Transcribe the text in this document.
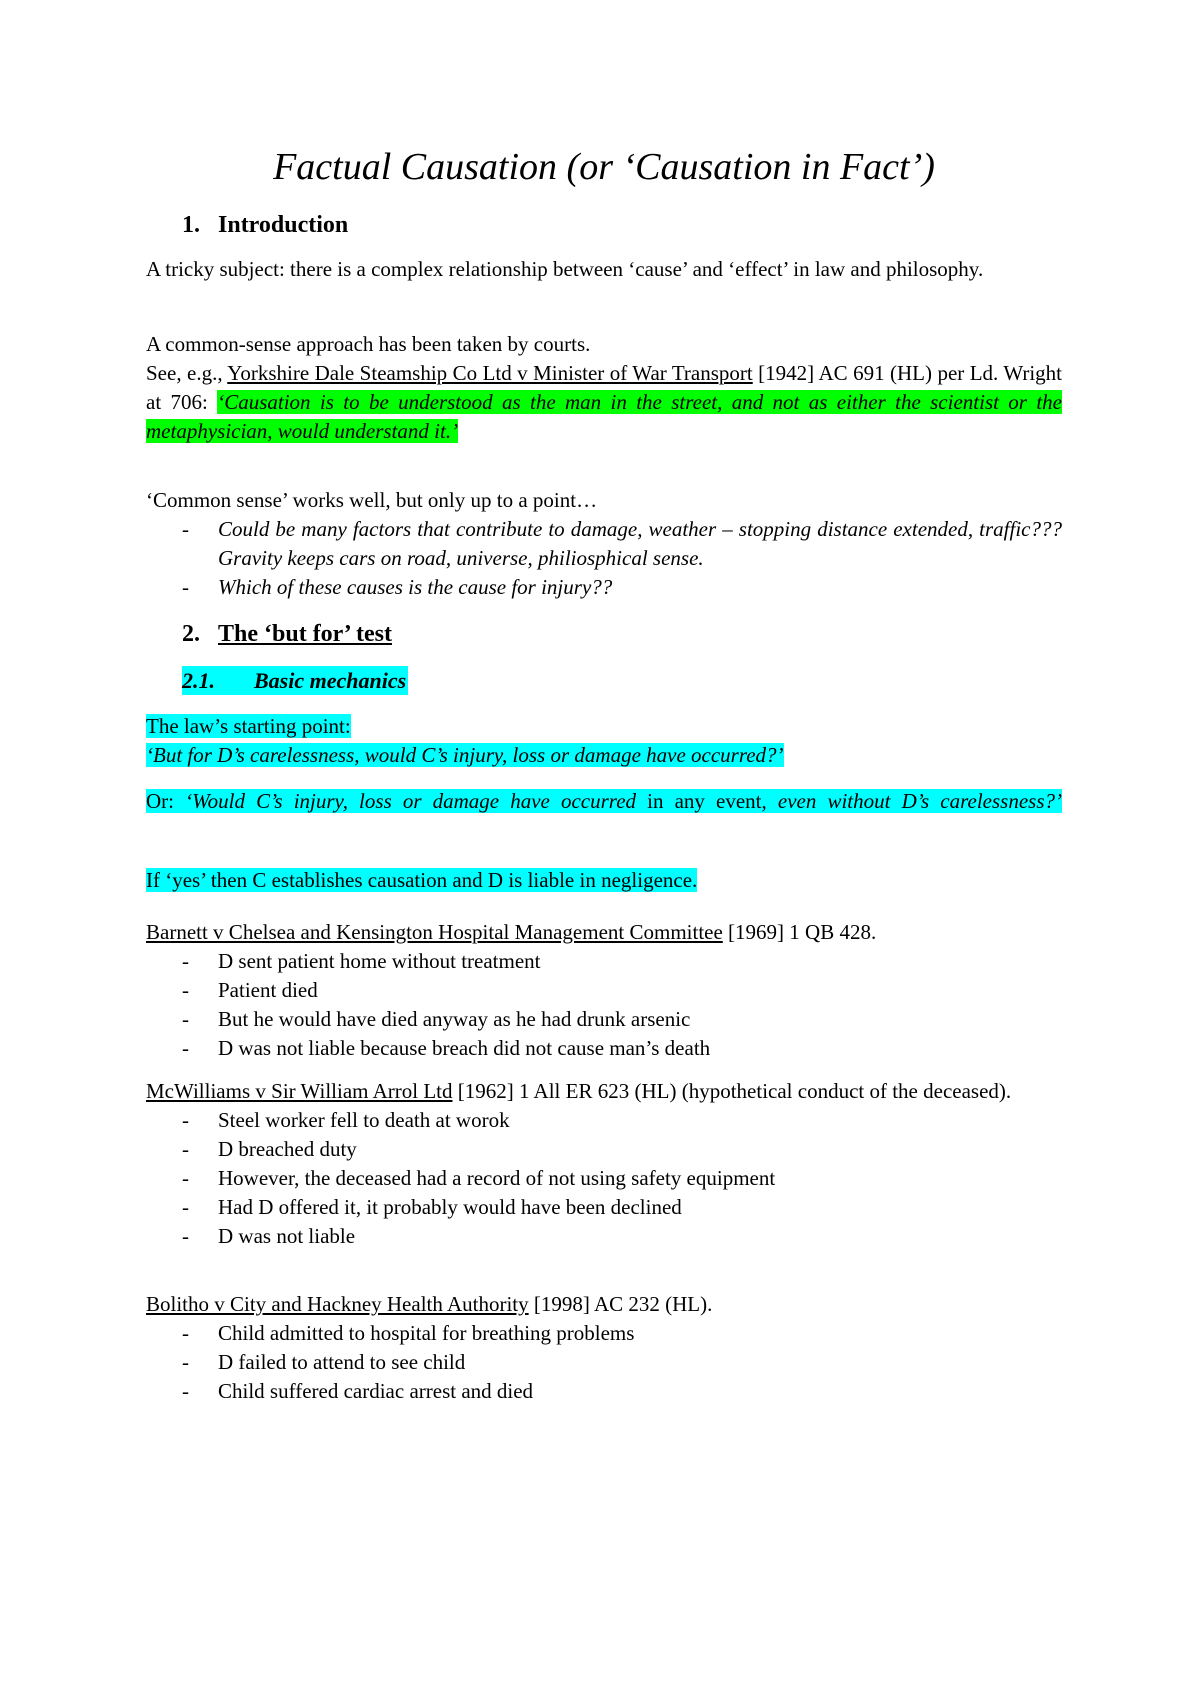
Factual Causation (or ‘Causation in Fact’)
1. Introduction

A tricky subject: there is a complex relationship between ‘cause’ and ‘effect’ in law and philosophy.

A common-sense approach has been taken by courts.

See, e.g., Yorkshire Dale Steamship Co Ltd v Minister of War Transport [1942] AC 691 (HL) per Ld. Wright at 706: ‘Causation is to be understood as the man in the street, and not as either the scientist or the metaphysician, would understand it.’

‘Common sense’ works well, but only up to a point…

- Could be many factors that contribute to damage, weather – stopping distance extended, traffic??? Gravity keeps cars on road, universe, philiosphical sense.
- Which of these causes is the cause for injury??
2. The ‘but for’ test
2.1. Basic mechanics

The law’s starting point:

‘But for D’s carelessness, would C’s injury, loss or damage have occurred?’

Or: ‘Would C’s injury, loss or damage have occurred in any event, even without D’s carelessness?’

If ‘yes’ then C establishes causation and D is liable in negligence.

Barnett v Chelsea and Kensington Hospital Management Committee [1969] 1 QB 428.

- D sent patient home without treatment
- Patient died
- But he would have died anyway as he had drunk arsenic
- D was not liable because breach did not cause man’s death

McWilliams v Sir William Arrol Ltd [1962] 1 All ER 623 (HL) (hypothetical conduct of the deceased).

- Steel worker fell to death at worok
- D breached duty
- However, the deceased had a record of not using safety equipment
- Had D offered it, it probably would have been declined
- D was not liable

Bolitho v City and Hackney Health Authority [1998] AC 232 (HL).

- Child admitted to hospital for breathing problems
- D failed to attend to see child
- Child suffered cardiac arrest and died
